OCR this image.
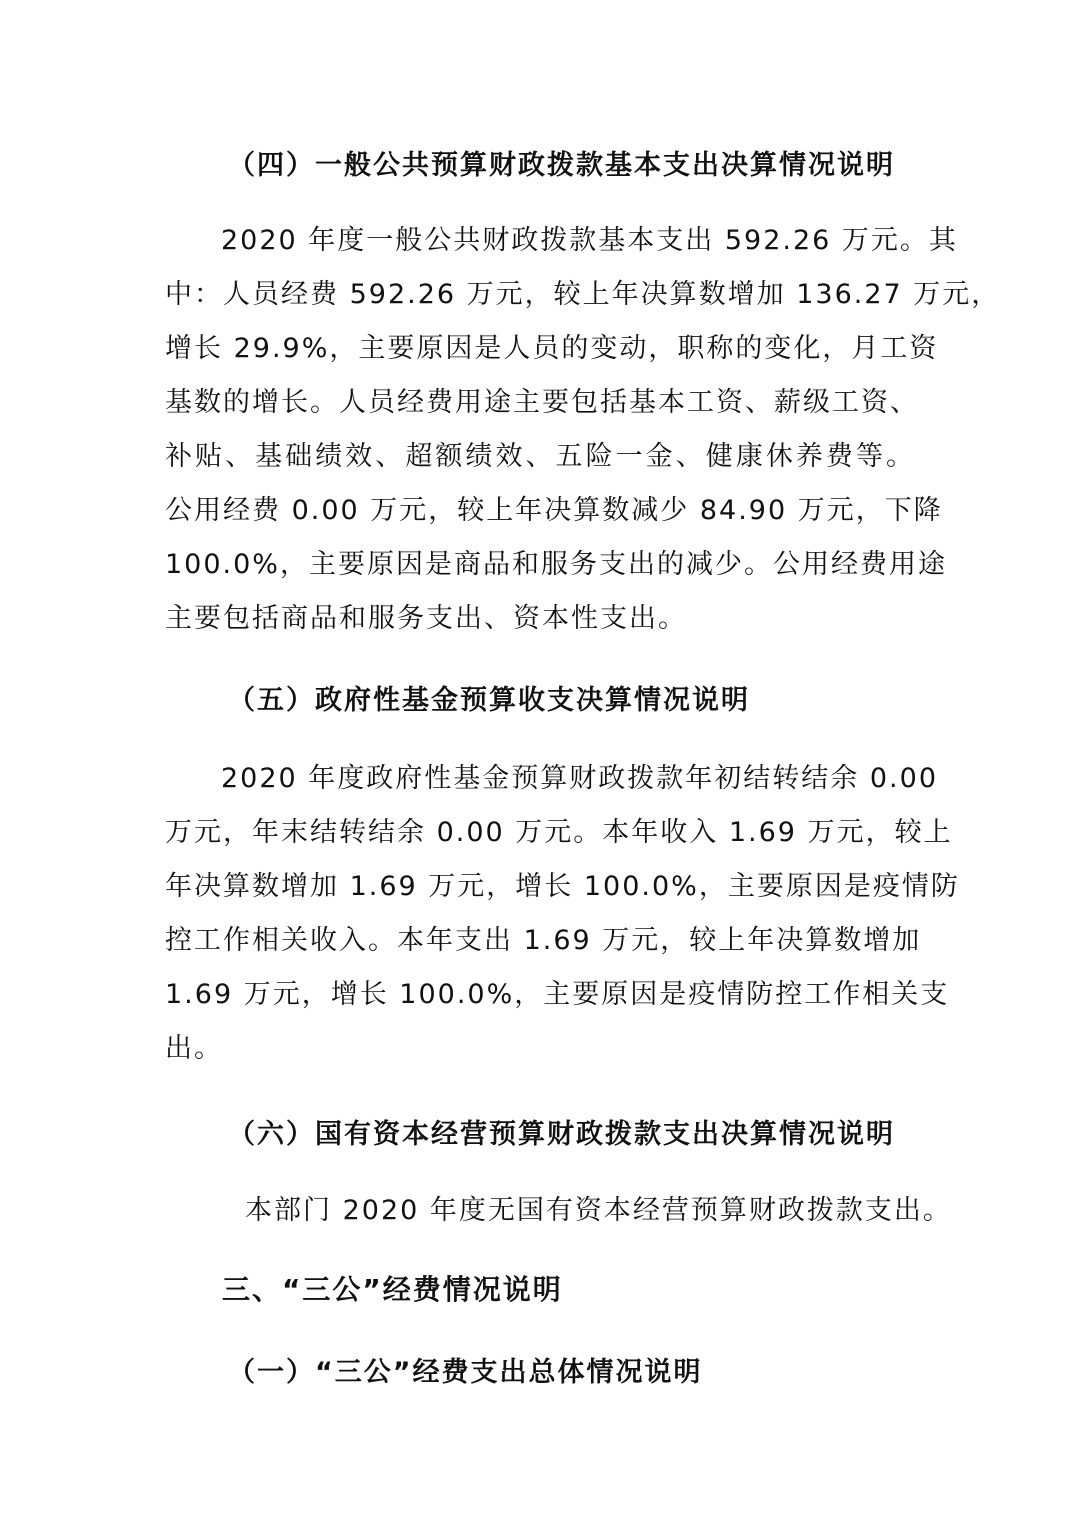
（四）一般公共预算财政拨款基本支出决算情况说明
2020 年度一般公共财政拨款基本支出 592.26 万元。其
中：人员经费 592.26 万元，较上年决算数增加 136.27 万元，
增长 29.9%，主要原因是人员的变动，职称的变化，月工资
基数的增长。人员经费用途主要包括基本工资、薪级工资、
补贴、基础绩效、超额绩效、五险一金、健康休养费等。
公用经费 0.00 万元，较上年决算数减少 84.90 万元，下降
100.0%，主要原因是商品和服务支出的减少。公用经费用途
主要包括商品和服务支出、资本性支出。
（五）政府性基金预算收支决算情况说明
2020 年度政府性基金预算财政拨款年初结转结余 0.00
万元，年末结转结余 0.00 万元。本年收入 1.69 万元，较上
年决算数增加 1.69 万元，增长 100.0%，主要原因是疫情防
控工作相关收入。本年支出 1.69 万元，较上年决算数增加
1.69 万元，增长 100.0%，主要原因是疫情防控工作相关支
出。
（六）国有资本经营预算财政拨款支出决算情况说明
本部门 2020 年度无国有资本经营预算财政拨款支出。
三、“三公”经费情况说明
（一）“三公”经费支出总体情况说明
